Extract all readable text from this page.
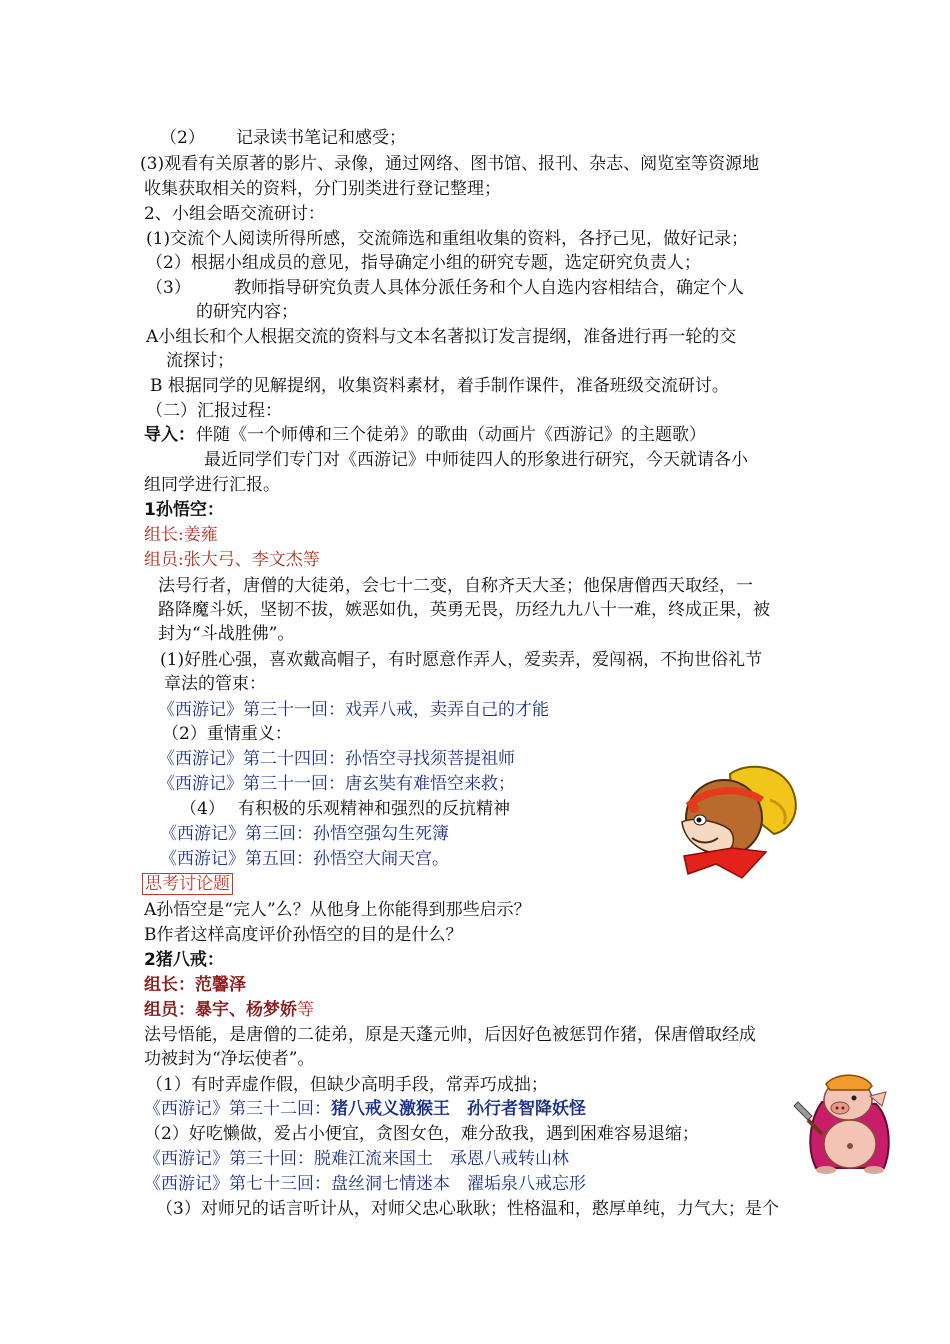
（2） 记录读书笔记和感受；
(3)观看有关原著的影片、录像，通过网络、图书馆、报刊、杂志、阅览室等资源地
收集获取相关的资料，分门别类进行登记整理；
2、小组会晤交流研讨：
(1)交流个人阅读所得所感，交流筛选和重组收集的资料，各抒己见，做好记录；
（2）根据小组成员的意见，指导确定小组的研究专题，选定研究负责人；
（3）	教师指导研究负责人具体分派任务和个人自选内容相结合，确定个人
的研究内容；
A小组长和个人根据交流的资料与文本名著拟订发言提纲，准备进行再一轮的交
流探讨；
B 根据同学的见解提纲，收集资料素材，着手制作课件，准备班级交流研讨。
（二）汇报过程：
导入： 伴随《一个师傅和三个徒弟》的歌曲（动画片《西游记》的主题歌）
最近同学们专门对《西游记》中师徒四人的形象进行研究，今天就请各小
组同学进行汇报。
1孙悟空：
组长:姜雍
组员:张大弓、李文杰等
法号行者，唐僧的大徒弟，会七十二变，自称齐天大圣；他保唐僧西天取经，一
路降魔斗妖，坚韧不拔，嫉恶如仇，英勇无畏，历经九九八十一难，终成正果，被
封为“斗战胜佛”。
(1)好胜心强，喜欢戴高帽子，有时愿意作弄人，爱卖弄，爱闯祸，不拘世俗礼节
章法的管束：
《西游记》第三十一回：戏弄八戒，卖弄自己的才能
（2）重情重义：
《西游记》第二十四回：孙悟空寻找须菩提祖师
《西游记》第三十一回：唐玄奘有难悟空来救；
（4） 有积极的乐观精神和强烈的反抗精神
《西游记》第三回：孙悟空强勾生死簿
《西游记》第五回：孙悟空大闹天宫。
思考讨论题
A孙悟空是“完人”么？从他身上你能得到那些启示？
B作者这样高度评价孙悟空的目的是什么？
2猪八戒：
组长：范馨泽
组员：暴宇、杨梦娇等
法号悟能，是唐僧的二徒弟，原是天蓬元帅，后因好色被惩罚作猪，保唐僧取经成
功被封为“净坛使者”。
（1）有时弄虚作假，但缺少高明手段，常弄巧成拙；
《西游记》第三十二回：猪八戒义激猴王　孙行者智降妖怪
（2）好吃懒做，爱占小便宜，贪图女色，难分敌我，遇到困难容易退缩；
《西游记》第三十回：脱难江流来国土　承恩八戒转山林
《西游记》第七十三回：盘丝洞七情迷本　濯垢泉八戒忘形
（3）对师兄的话言听计从，对师父忠心耿耿；性格温和，憨厚单纯，力气大；是个
